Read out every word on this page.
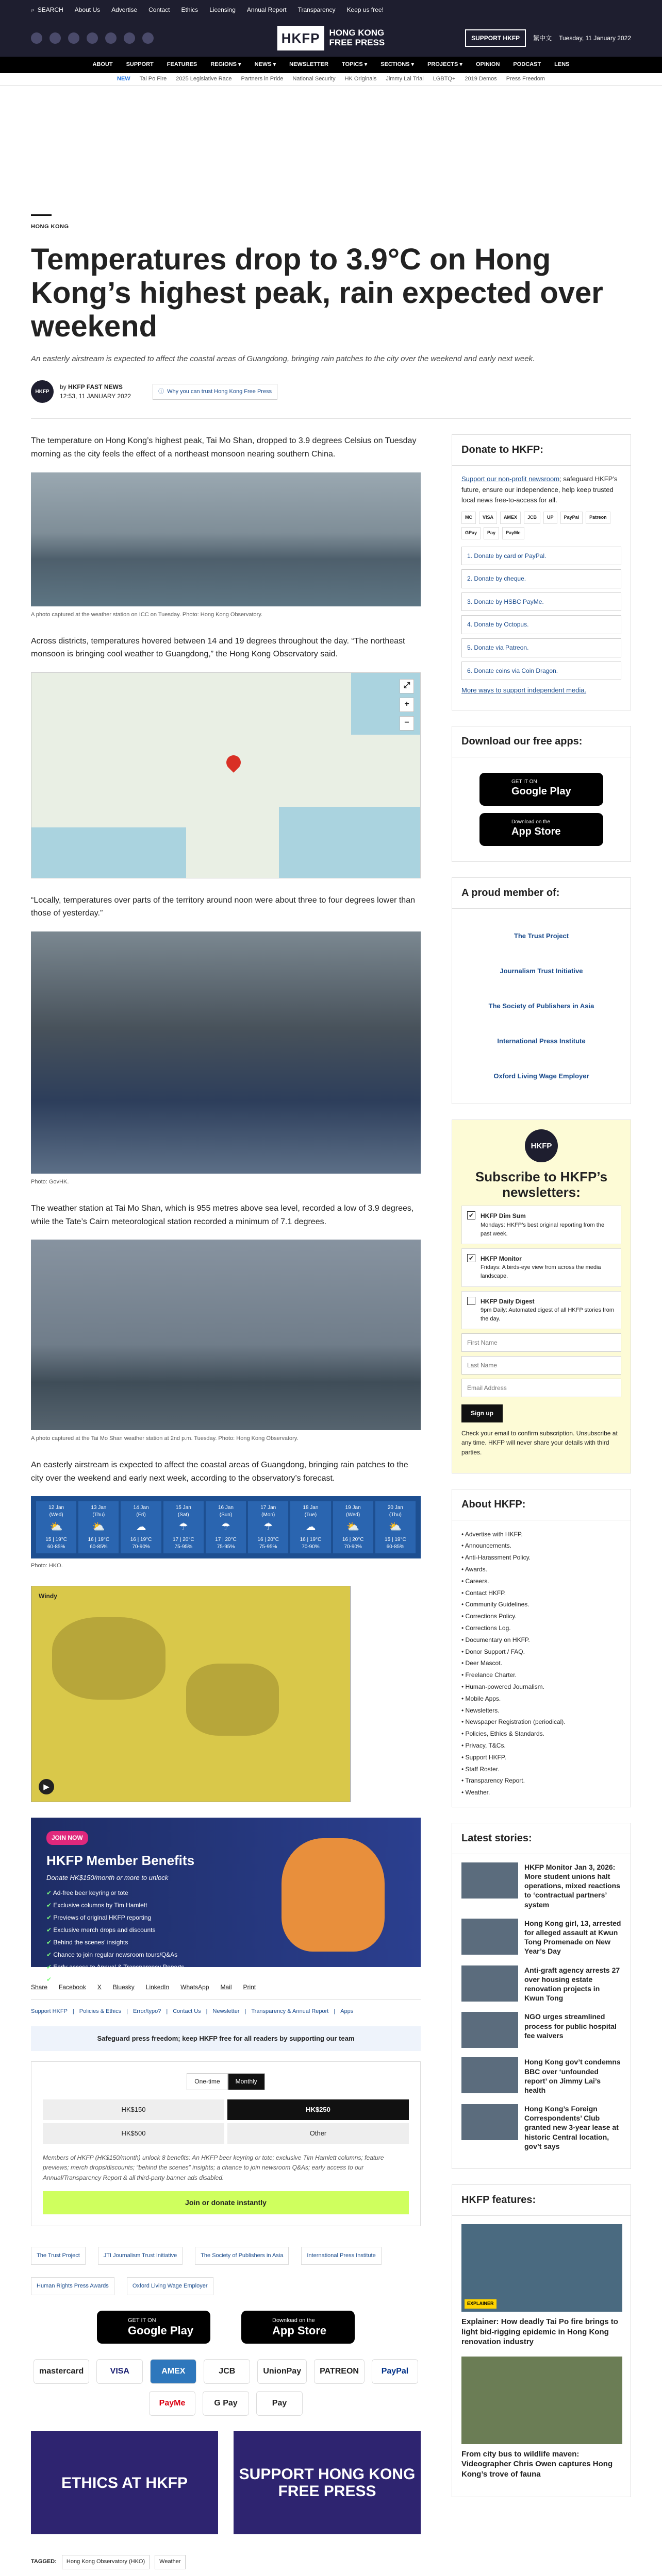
⌕ SEARCH About Us Advertise Contact Ethics Licensing Annual Report Transparency Keep us free!
HKFP	HONG KONG
FREE PRESS	SUPPORT HKFP	繁中文 Tuesday, 11 January 2022
ABOUT SUPPORT FEATURES REGIONS ▾ NEWS ▾ NEWSLETTER TOPICS ▾ SECTIONS ▾ PROJECTS ▾ OPINION PODCAST LENS
NEW Tai Po Fire 2025 Legislative Race Partners in Pride National Security HK Originals Jimmy Lai Trial LGBTQ+ 2019 Demos Press Freedom
HONG KONG
Temperatures drop to 3.9°C on Hong Kong’s highest peak, rain expected over weekend

An easterly airstream is expected to affect the coastal areas of Guangdong, bringing rain patches to the city over the weekend and early next week.

HKFP
by HKFP FAST NEWS
12:53, 11 JANUARY 2022
ⓘ Why you can trust Hong Kong Free Press

The temperature on Hong Kong’s highest peak, Tai Mo Shan, dropped to 3.9 degrees Celsius on Tuesday morning as the city feels the effect of a northeast monsoon nearing southern China.

A photo captured at the weather station on ICC on Tuesday. Photo: Hong Kong Observatory.

Across districts, temperatures hovered between 14 and 19 degrees throughout the day. “The northeast monsoon is bringing cool weather to Guangdong,” the Hong Kong Observatory said.

⤢
+
−

“Locally, temperatures over parts of the territory around noon were about three to four degrees lower than those of yesterday.”

Photo: GovHK.

The weather station at Tai Mo Shan, which is 955 metres above sea level, recorded a low of 3.9 degrees, while the Tate’s Cairn meteorological station recorded a minimum of 7.1 degrees.

A photo captured at the Tai Mo Shan weather station at 2nd p.m. Tuesday. Photo: Hong Kong Observatory.

An easterly airstream is expected to affect the coastal areas of Guangdong, bringing rain patches to the city over the weekend and early next week, according to the observatory’s forecast.

12 Jan
(Wed)
⛅
15 | 19°C
60-85%
13 Jan
(Thu)
⛅
16 | 19°C
60-85%
14 Jan
(Fri)
☁
16 | 19°C
70-90%
15 Jan
(Sat)
☂
17 | 20°C
75-95%
16 Jan
(Sun)
☂
17 | 20°C
75-95%
17 Jan
(Mon)
☂
16 | 20°C
75-95%
18 Jan
(Tue)
☁
16 | 19°C
70-90%
19 Jan
(Wed)
⛅
16 | 20°C
70-90%
20 Jan
(Thu)
⛅
15 | 19°C
60-85%
Photo: HKO.
Windy
▶
JOIN NOW
HKFP Member Benefits
Donate HK$150/month or more to unlock
✔ Ad-free beer keyring or tote
✔ Exclusive columns by Tim Hamlett
✔ Previews of original HKFP reporting
✔ Exclusive merch drops and discounts
✔ Behind the scenes’ insights
✔ Chance to join regular newsroom tours/Q&As
✔ Early access to Annual & Transparency Reports
✔ All third-party banner ads disabled
Share Facebook X Bluesky LinkedIn WhatsApp Mail Print
Support HKFP | Policies & Ethics | Error/typo? | Contact Us | Newsletter | Transparency & Annual Report | Apps
Safeguard press freedom; keep HKFP free for all readers by supporting our team
One-time	Monthly
HK$150	HK$250
HK$500	Other

Members of HKFP (HK$150/month) unlock 8 benefits: An HKFP beer keyring or tote; exclusive Tim Hamlett columns; feature previews; merch drops/discounts; “behind the scenes” insights; a chance to join newsroom Q&As; early access to our Annual/Transparency Report & all third-party banner ads disabled.

Join or donate instantly
The Trust Project	JTI Journalism Trust Initiative	The Society of Publishers in Asia	International Press Institute
Human Rights Press Awards	Oxford Living Wage Employer
GET IT ON
Google Play
Download on the
App Store
mastercard	VISA	AMEX	JCB	UnionPay	PATREON	PayPal
PayMe	G Pay	Pay
ETHICS AT HKFP	SUPPORT HONG KONG FREE PRESS
TAGGED:	Hong Kong Observatory (HKO)	Weather
Donate to HKFP:

Support our non-profit newsroom; safeguard HKFP’s future, ensure our independence, help keep trusted local news free-to-access for all.

MC	VISA	AMEX	JCB	UP	PayPal	Patreon
GPay	Pay	PayMe
1. Donate by card or PayPal.
2. Donate by cheque.
3. Donate by HSBC PayMe.
4. Donate by Octopus.
5. Donate via Patreon.
6. Donate coins via Coin Dragon.

More ways to support independent media.

Download our free apps:
GET IT ON
Google Play
Download on the
App Store
A proud member of:
The Trust Project
Journalism Trust Initiative
The Society of Publishers in Asia
International Press Institute
Oxford Living Wage Employer
HKFP
Subscribe to HKFP’s newsletters:
✔ HKFP Dim Sum
Mondays: HKFP’s best original reporting from the past week.
✔ HKFP Monitor
Fridays: A birds-eye view from across the media landscape.
HKFP Daily Digest
9pm Daily: Automated digest of all HKFP stories from the day.
First Name Last Name Email Address
Sign up

Check your email to confirm subscription. Unsubscribe at any time. HKFP will never share your details with third parties.

About HKFP:
• Advertise with HKFP.
• Announcements.
• Anti-Harassment Policy.
• Awards.
• Careers.
• Contact HKFP.
• Community Guidelines.
• Corrections Policy.
• Corrections Log.
• Documentary on HKFP.
• Donor Support / FAQ.
• Deer Mascot.
• Freelance Charter.
• Human-powered Journalism.
• Mobile Apps.
• Newsletters.
• Newspaper Registration (periodical).
• Policies, Ethics & Standards.
• Privacy, T&Cs.
• Support HKFP.
• Staff Roster.
• Transparency Report.
• Weather.
Latest stories:
HKFP Monitor Jan 3, 2026: More student unions halt operations, mixed reactions to ‘contractual partners’ system
Hong Kong girl, 13, arrested for alleged assault at Kwun Tong Promenade on New Year’s Day
Anti-graft agency arrests 27 over housing estate renovation projects in Kwun Tong
NGO urges streamlined process for public hospital fee waivers
Hong Kong gov’t condemns BBC over ‘unfounded report’ on Jimmy Lai’s health
Hong Kong’s Foreign Correspondents’ Club granted new 3-year lease at historic Central location, gov’t says
HKFP features:
EXPLAINER
Explainer: How deadly Tai Po fire brings to light bid-rigging epidemic in Hong Kong renovation industry
From city bus to wildlife maven: Videographer Chris Owen captures Hong Kong’s trove of fauna
